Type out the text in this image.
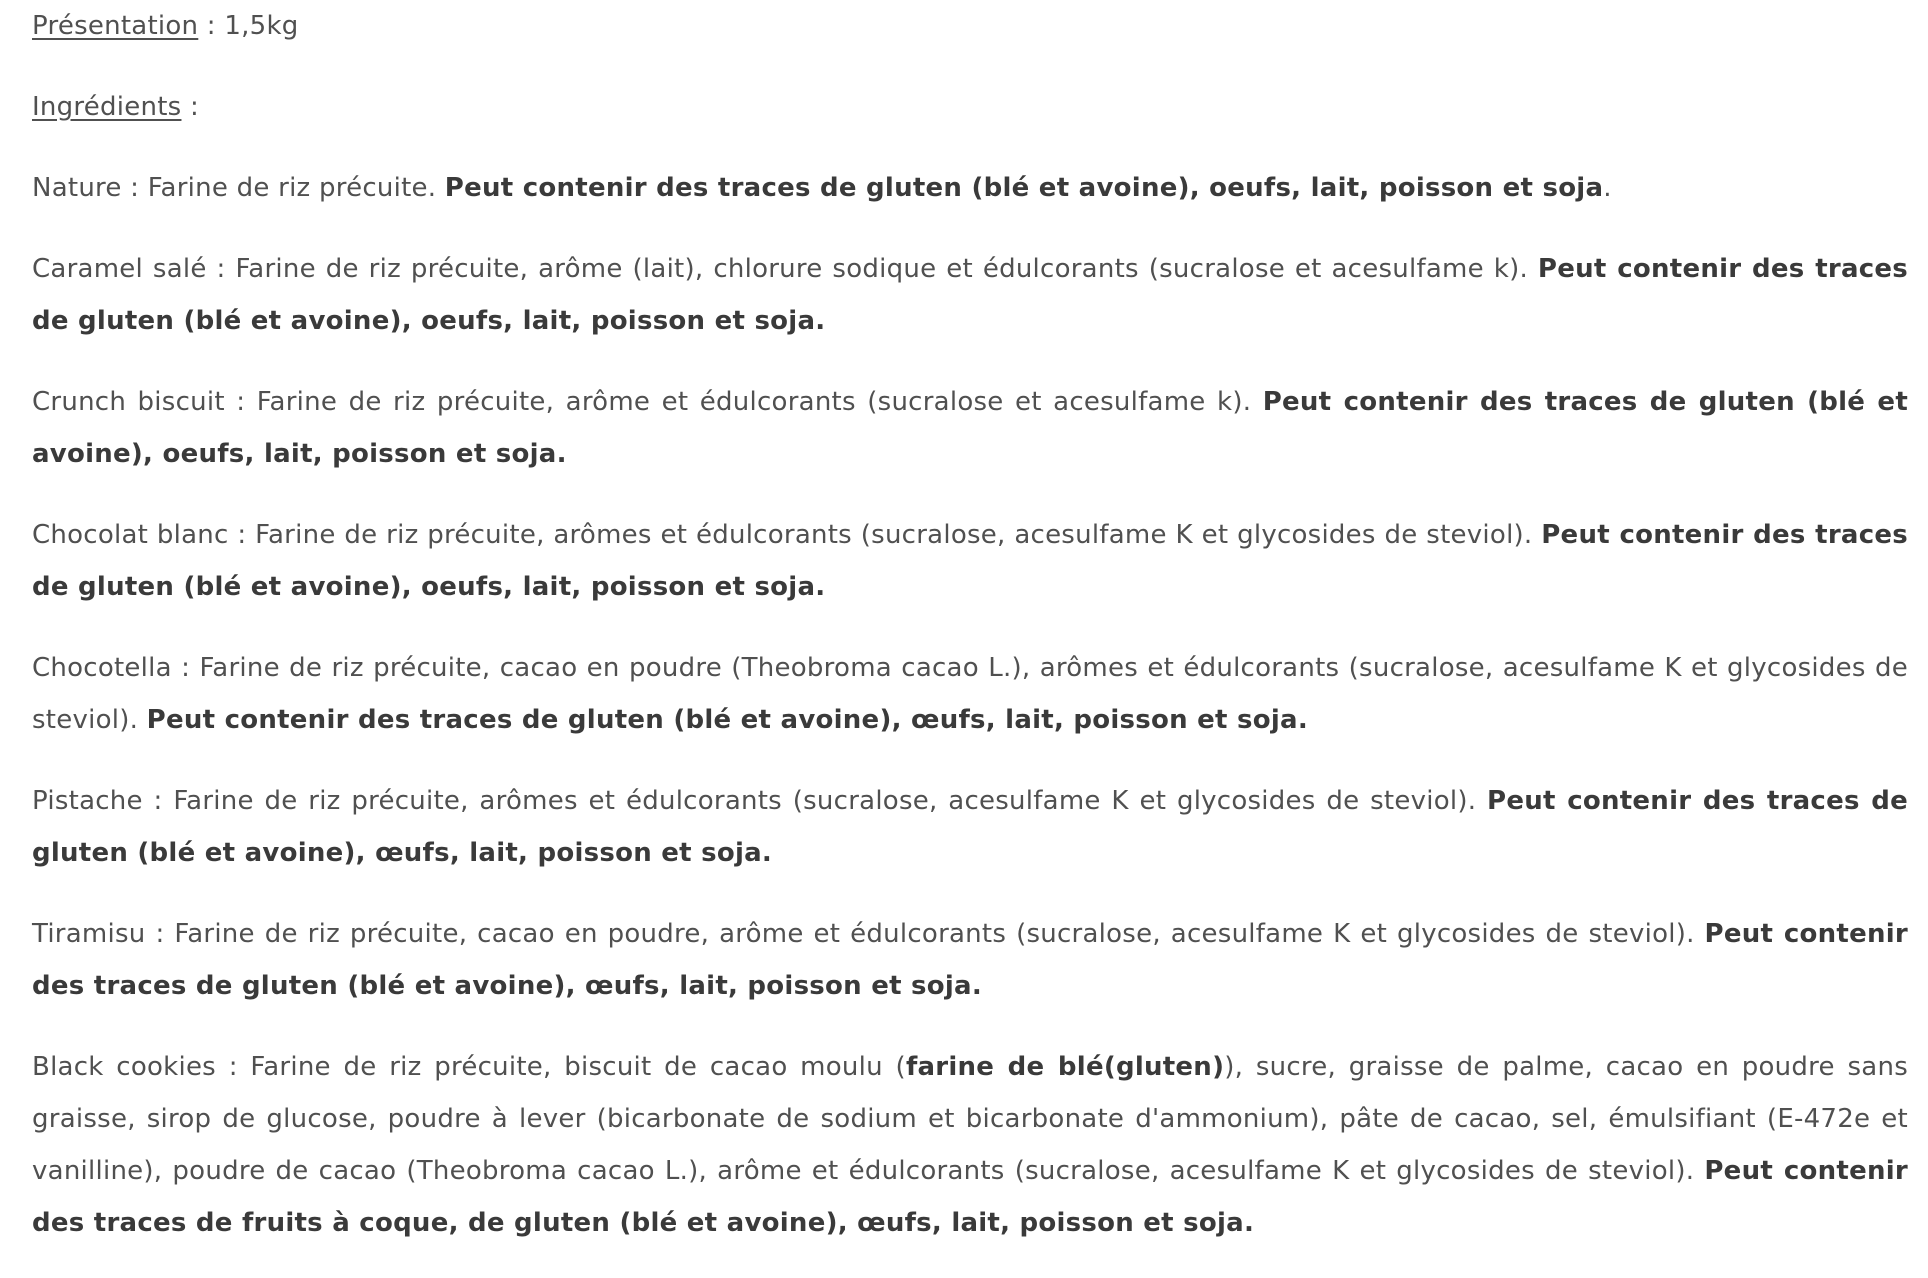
Présentation : 1,5kg

Ingrédients :

Nature : Farine de riz précuite. Peut contenir des traces de gluten (blé et avoine), oeufs, lait, poisson et soja.

Caramel salé : Farine de riz précuite, arôme (lait), chlorure sodique et édulcorants (sucralose et acesulfame k). Peut contenir des traces de gluten (blé et avoine), oeufs, lait, poisson et soja.

Crunch biscuit : Farine de riz précuite, arôme et édulcorants (sucralose et acesulfame k). Peut contenir des traces de gluten (blé et avoine), oeufs, lait, poisson et soja.

Chocolat blanc : Farine de riz précuite, arômes et édulcorants (sucralose, acesulfame K et glycosides de steviol). Peut contenir des traces de gluten (blé et avoine), oeufs, lait, poisson et soja.

Chocotella : Farine de riz précuite, cacao en poudre (Theobroma cacao L.), arômes et édulcorants (sucralose, acesulfame K et glycosides de steviol). Peut contenir des traces de gluten (blé et avoine), œufs, lait, poisson et soja.

Pistache : Farine de riz précuite, arômes et édulcorants (sucralose, acesulfame K et glycosides de steviol). Peut contenir des traces de gluten (blé et avoine), œufs, lait, poisson et soja.

Tiramisu : Farine de riz précuite, cacao en poudre, arôme et édulcorants (sucralose, acesulfame K et glycosides de steviol). Peut contenir des traces de gluten (blé et avoine), œufs, lait, poisson et soja.

Black cookies : Farine de riz précuite, biscuit de cacao moulu (farine de blé(gluten)), sucre, graisse de palme, cacao en poudre sans graisse, sirop de glucose, poudre à lever (bicarbonate de sodium et bicarbonate d'ammonium), pâte de cacao, sel, émulsifiant (E-472e et vanilline), poudre de cacao (Theobroma cacao L.), arôme et édulcorants (sucralose, acesulfame K et glycosides de steviol). Peut contenir des traces de fruits à coque, de gluten (blé et avoine), œufs, lait, poisson et soja.
